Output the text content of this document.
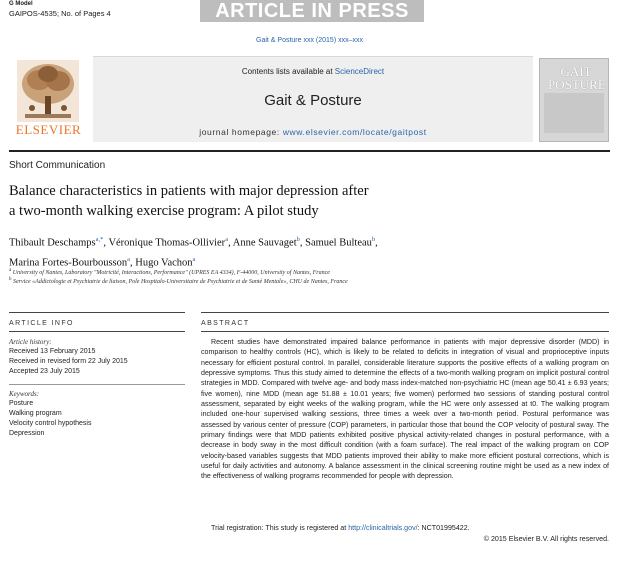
G Model
GAIPOS-4535; No. of Pages 4	ARTICLE IN PRESS
Gait & Posture xxx (2015) xxx–xxx
ELSEVIER
Contents lists available at ScienceDirect
Gait & Posture
journal homepage: www.elsevier.com/locate/gaitpost
GAIT
POSTURE
Short Communication
Balance characteristics in patients with major depression after
a two-month walking exercise program: A pilot study
Thibault Deschamps$^{a,*}$, Véronique Thomas-Ollivier$^a$, Anne Sauvaget$^b$, Samuel Bulteau$^b$,
Marina Fortes-Bourbousson$^a$, Hugo Vachon$^a$
$^a$ University of Nantes, Laboratory "Motricité, Interactions, Performance" (UPRES EA 4334), F-44000, University of Nantes, France
$^b$ Service «Addictologie et Psychiatrie de liaison, Pole Hospitalo-Universitaire de Psychiatrie et de Santé Mentale», CHU de Nantes, France
ARTICLE INFO
Article history:
Received 13 February 2015
Received in revised form 22 July 2015
Accepted 23 July 2015
Keywords:
Posture
Walking program
Velocity control hypothesis
Depression
ABSTRACT
Recent studies have demonstrated impaired balance performance in patients with major depressive disorder (MDD) in comparison to healthy controls (HC), which is likely to be related to deficits in integration of visual and proprioceptive inputs necessary for efficient postural control. In parallel, considerable literature supports the positive effects of a walking program on depressive symptoms. Thus this study aimed to determine the effects of a two-month walking program on implicit postural control strategies in MDD. Compared with twelve age- and body mass index-matched non-psychiatric HC (mean age 50.41 ± 6.93 years; five women), nine MDD (mean age 51.88 ± 10.01 years; five women) performed two sessions of standing postural control assessment, separated by eight weeks of the walking program, while the HC were only assessed at t0. The walking program included one-hour supervised walking sessions, three times a week over a two-month period. Postural performance was assessed by various center of pressure (COP) parameters, in particular those that bound the COP velocity of postural sway. The primary findings were that MDD patients exhibited positive physical activity-related changes in postural performance, with a decrease in body sway in the most difficult condition (with a foam surface). The real impact of the walking program on COP velocity-based variables suggests that MDD patients improved their ability to make more efficient postural corrections, which is useful for daily activities and autonomy. A balance assessment in the clinical screening routine might be used as a new index of the effectiveness of walking programs recommended for people with depression.
Trial registration: This study is registered at http://clinicaltrials.gov/: NCT01995422.
© 2015 Elsevier B.V. All rights reserved.
